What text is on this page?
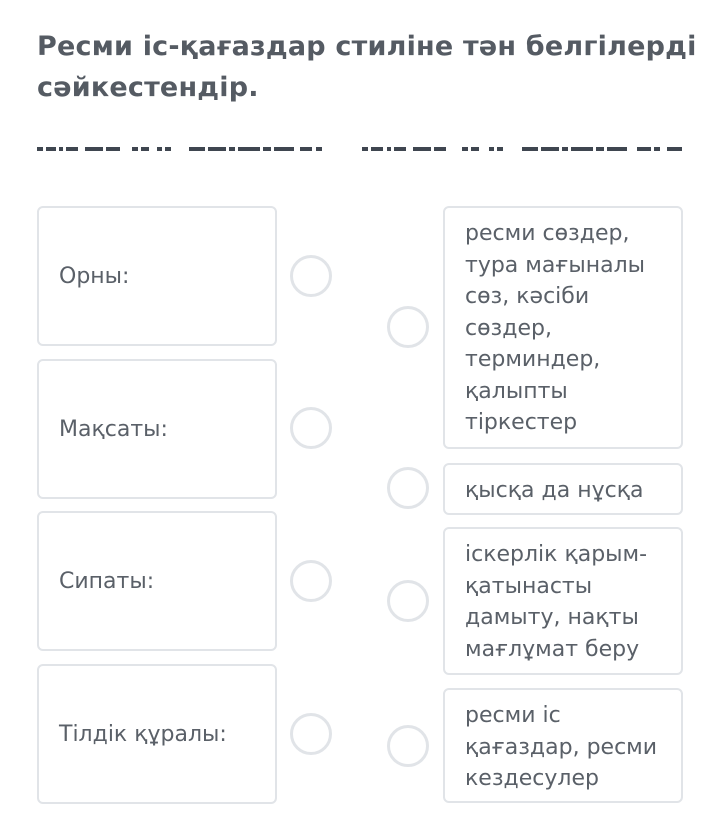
Ресми іс-қағаздар стиліне тән белгілерді сәйкестендір.
Орны:
Мақсаты:
Сипаты:
Тілдік құралы:
ресми сөздер, тура мағыналы сөз, кәсіби сөздер, терминдер, қалыпты тіркестер
қысқа да нұсқа
іскерлік қарым-қатынасты дамыту, нақты мағлұмат беру
ресми іс қағаздар, ресми кездесулер
